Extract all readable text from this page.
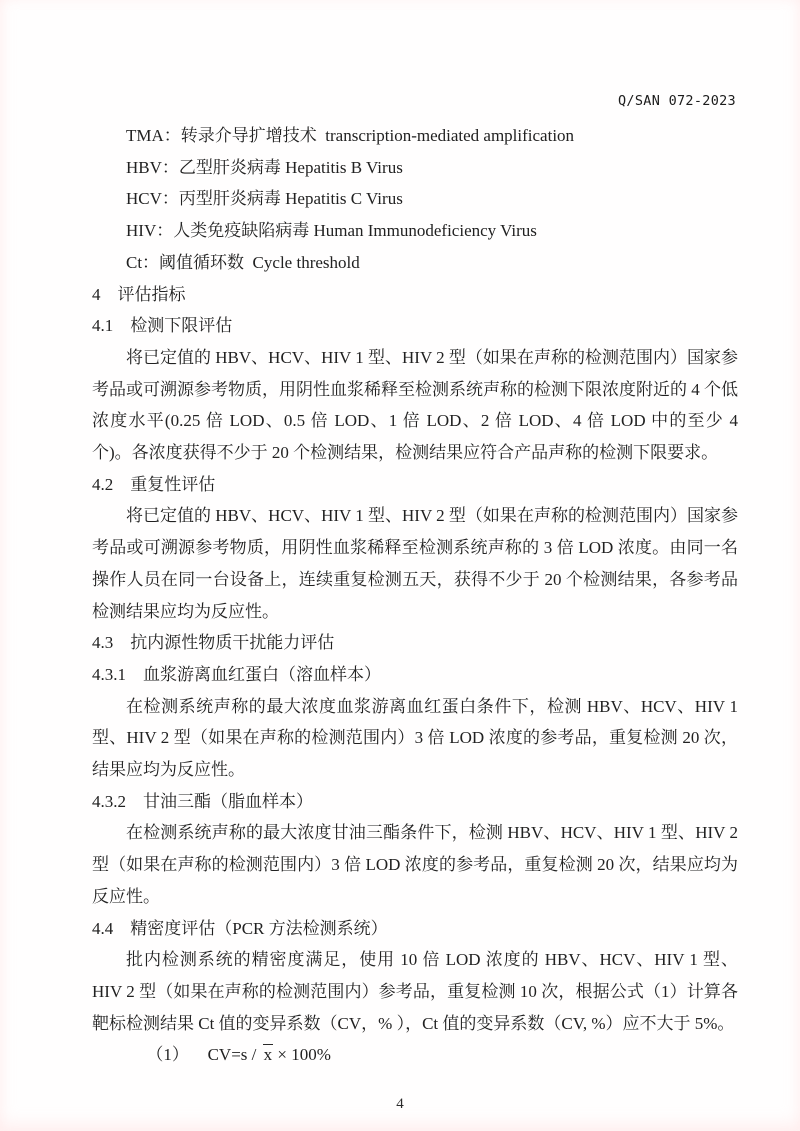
Q/SAN 072-2023
TMA：转录介导扩增技术  transcription-mediated amplification
HBV：乙型肝炎病毒 Hepatitis B Virus
HCV：丙型肝炎病毒 Hepatitis C Virus
HIV：人类免疫缺陷病毒 Human Immunodeficiency Virus
Ct：阈值循环数  Cycle threshold
4　评估指标
4.1　检测下限评估
将已定值的 HBV、HCV、HIV 1 型、HIV 2 型（如果在声称的检测范围内）国家参考品或可溯源参考物质，用阴性血浆稀释至检测系统声称的检测下限浓度附近的 4 个低浓度水平(0.25 倍 LOD、0.5 倍 LOD、1 倍 LOD、2 倍 LOD、4 倍 LOD 中的至少 4 个)。各浓度获得不少于 20 个检测结果，检测结果应符合产品声称的检测下限要求。
4.2　重复性评估
将已定值的 HBV、HCV、HIV 1 型、HIV 2 型（如果在声称的检测范围内）国家参考品或可溯源参考物质，用阴性血浆稀释至检测系统声称的 3 倍 LOD 浓度。由同一名操作人员在同一台设备上，连续重复检测五天，获得不少于 20 个检测结果，各参考品检测结果应均为反应性。
4.3　抗内源性物质干扰能力评估
4.3.1　血浆游离血红蛋白（溶血样本）
在检测系统声称的最大浓度血浆游离血红蛋白条件下，检测 HBV、HCV、HIV 1 型、HIV 2 型（如果在声称的检测范围内）3 倍 LOD 浓度的参考品，重复检测 20 次，结果应均为反应性。
4.3.2　甘油三酯（脂血样本）
在检测系统声称的最大浓度甘油三酯条件下，检测 HBV、HCV、HIV 1 型、HIV 2 型（如果在声称的检测范围内）3 倍 LOD 浓度的参考品，重复检测 20 次，结果应均为反应性。
4.4　精密度评估（PCR 方法检测系统）
批内检测系统的精密度满足，使用 10 倍 LOD 浓度的 HBV、HCV、HIV 1 型、HIV 2 型（如果在声称的检测范围内）参考品，重复检测 10 次，根据公式（1）计算各靶标检测结果 Ct 值的变异系数（CV，% ），Ct 值的变异系数（CV, %）应不大于 5%。
（1） CV=s / x × 100%
4
